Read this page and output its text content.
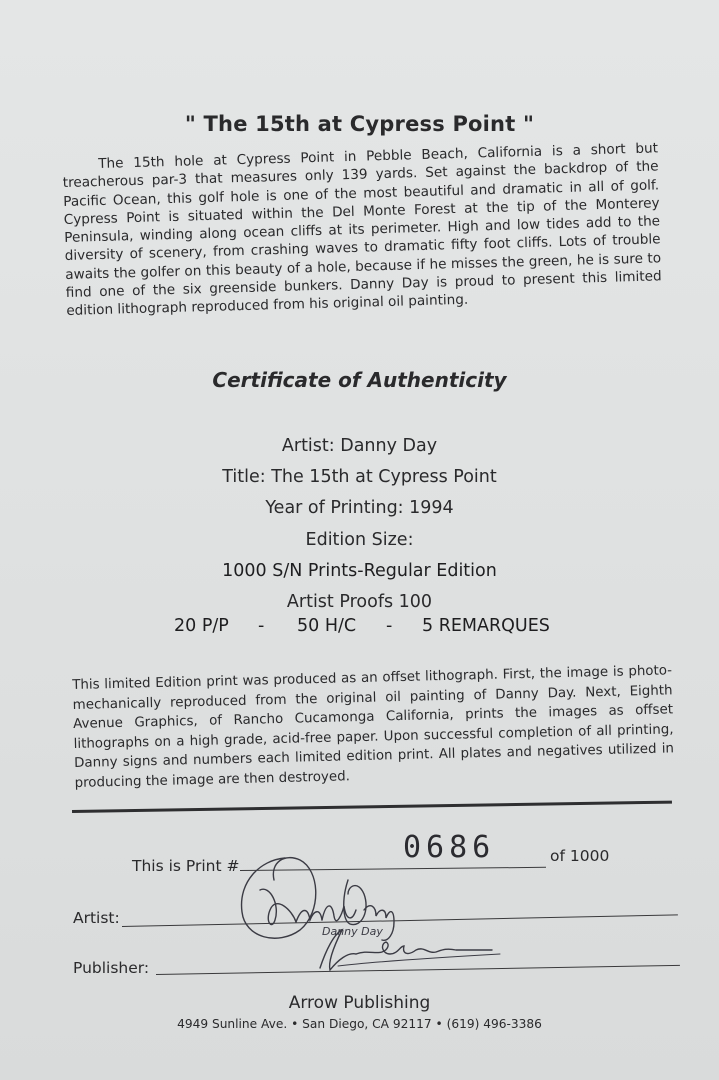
" The 15th at Cypress Point "
The 15th hole at Cypress Point in Pebble Beach, California is a short but treacherous par-3 that measures only 139 yards. Set against the backdrop of the Pacific Ocean, this golf hole is one of the most beautiful and dramatic in all of golf. Cypress Point is situated within the Del Monte Forest at the tip of the Monterey Peninsula, winding along ocean cliffs at its perimeter. High and low tides add to the diversity of scenery, from crashing waves to dramatic fifty foot cliffs. Lots of trouble awaits the golfer on this beauty of a hole, because if he misses the green, he is sure to find one of the six greenside bunkers. Danny Day is proud to present this limited edition lithograph reproduced from his original oil painting.
Certificate of Authenticity
Artist: Danny Day
Title: The 15th at Cypress Point
Year of Printing: 1994
Edition Size:
1000 S/N Prints-Regular Edition
Artist Proofs 100
20 P/P - 50 H/C - 5 REMARQUES
This limited Edition print was produced as an offset lithograph. First, the image is photo-mechanically reproduced from the original oil painting of Danny Day. Next, Eighth Avenue Graphics, of Rancho Cucamonga California, prints the images as offset lithographs on a high grade, acid-free paper. Upon successful completion of all printing, Danny signs and numbers each limited edition print. All plates and negatives utilized in producing the image are then destroyed.
This is Print #
0686	of 1000
Artist:
Publisher:
Danny Day
Arrow Publishing
4949 Sunline Ave. • San Diego, CA 92117 • (619) 496-3386
